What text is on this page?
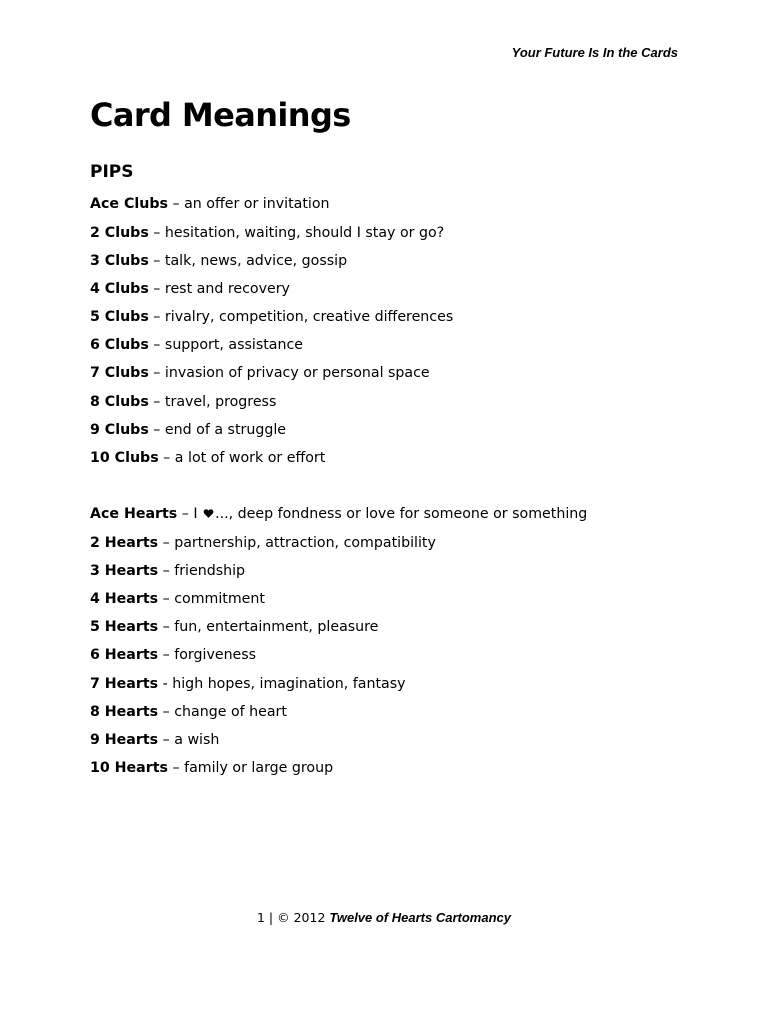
Your Future Is In the Cards
Card Meanings
PIPS
Ace Clubs – an offer or invitation
2 Clubs – hesitation, waiting, should I stay or go?
3 Clubs – talk, news, advice, gossip
4 Clubs – rest and recovery
5 Clubs – rivalry, competition, creative differences
6 Clubs – support, assistance
7 Clubs – invasion of privacy or personal space
8 Clubs – travel, progress
9 Clubs – end of a struggle
10 Clubs – a lot of work or effort
Ace Hearts – I ..., deep fondness or love for someone or something
2 Hearts – partnership, attraction, compatibility
3 Hearts – friendship
4 Hearts – commitment
5 Hearts – fun, entertainment, pleasure
6 Hearts – forgiveness
7 Hearts - high hopes, imagination, fantasy
8 Hearts – change of heart
9 Hearts – a wish
10 Hearts – family or large group
1 | © 2012 Twelve of Hearts Cartomancy
